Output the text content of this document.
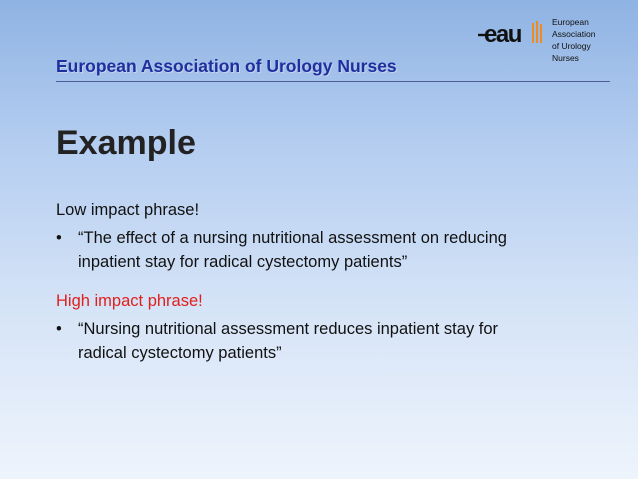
European Association of Urology Nurses
eau	European
Association
of Urology
Nurses
Example
Low impact phrase!
• “The effect of a nursing nutritional assessment on reducing
inpatient stay for radical cystectomy patients”
High impact phrase!
• “Nursing nutritional assessment reduces inpatient stay for
radical cystectomy patients”
